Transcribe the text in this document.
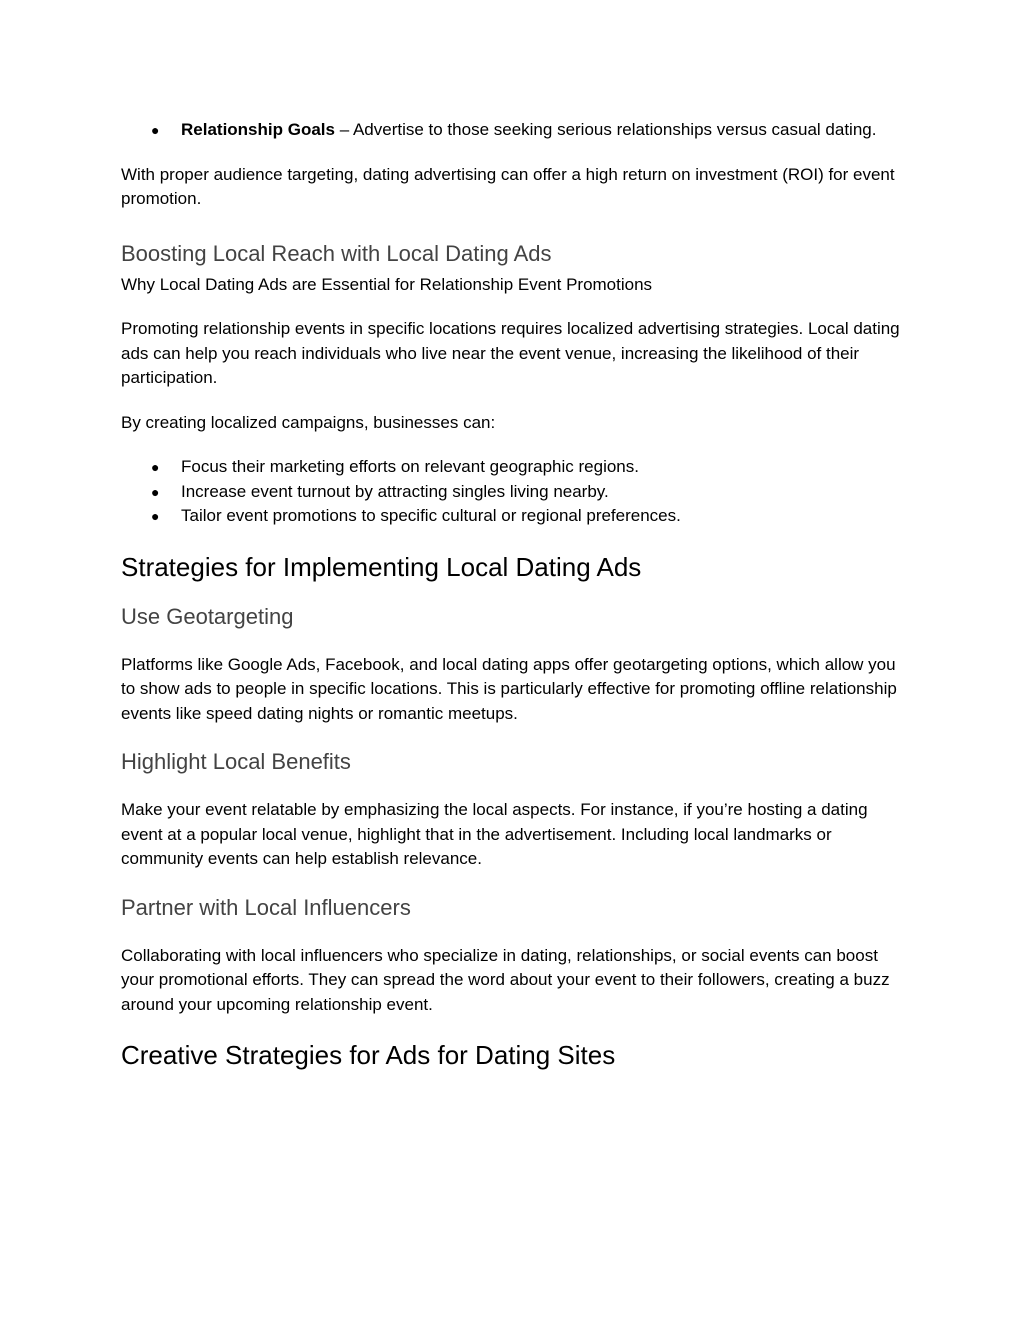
● Relationship Goals – Advertise to those seeking serious relationships versus casual dating.

With proper audience targeting, dating advertising can offer a high return on investment (ROI) for event promotion.

Boosting Local Reach with Local Dating Ads

Why Local Dating Ads are Essential for Relationship Event Promotions

Promoting relationship events in specific locations requires localized advertising strategies. Local dating ads can help you reach individuals who live near the event venue, increasing the likelihood of their participation.

By creating localized campaigns, businesses can:

● Focus their marketing efforts on relevant geographic regions.
● Increase event turnout by attracting singles living nearby.
● Tailor event promotions to specific cultural or regional preferences.
Strategies for Implementing Local Dating Ads
Use Geotargeting

Platforms like Google Ads, Facebook, and local dating apps offer geotargeting options, which allow you to show ads to people in specific locations. This is particularly effective for promoting offline relationship events like speed dating nights or romantic meetups.

Highlight Local Benefits

Make your event relatable by emphasizing the local aspects. For instance, if you’re hosting a dating event at a popular local venue, highlight that in the advertisement. Including local landmarks or community events can help establish relevance.

Partner with Local Influencers

Collaborating with local influencers who specialize in dating, relationships, or social events can boost your promotional efforts. They can spread the word about your event to their followers, creating a buzz around your upcoming relationship event.

Creative Strategies for Ads for Dating Sites
